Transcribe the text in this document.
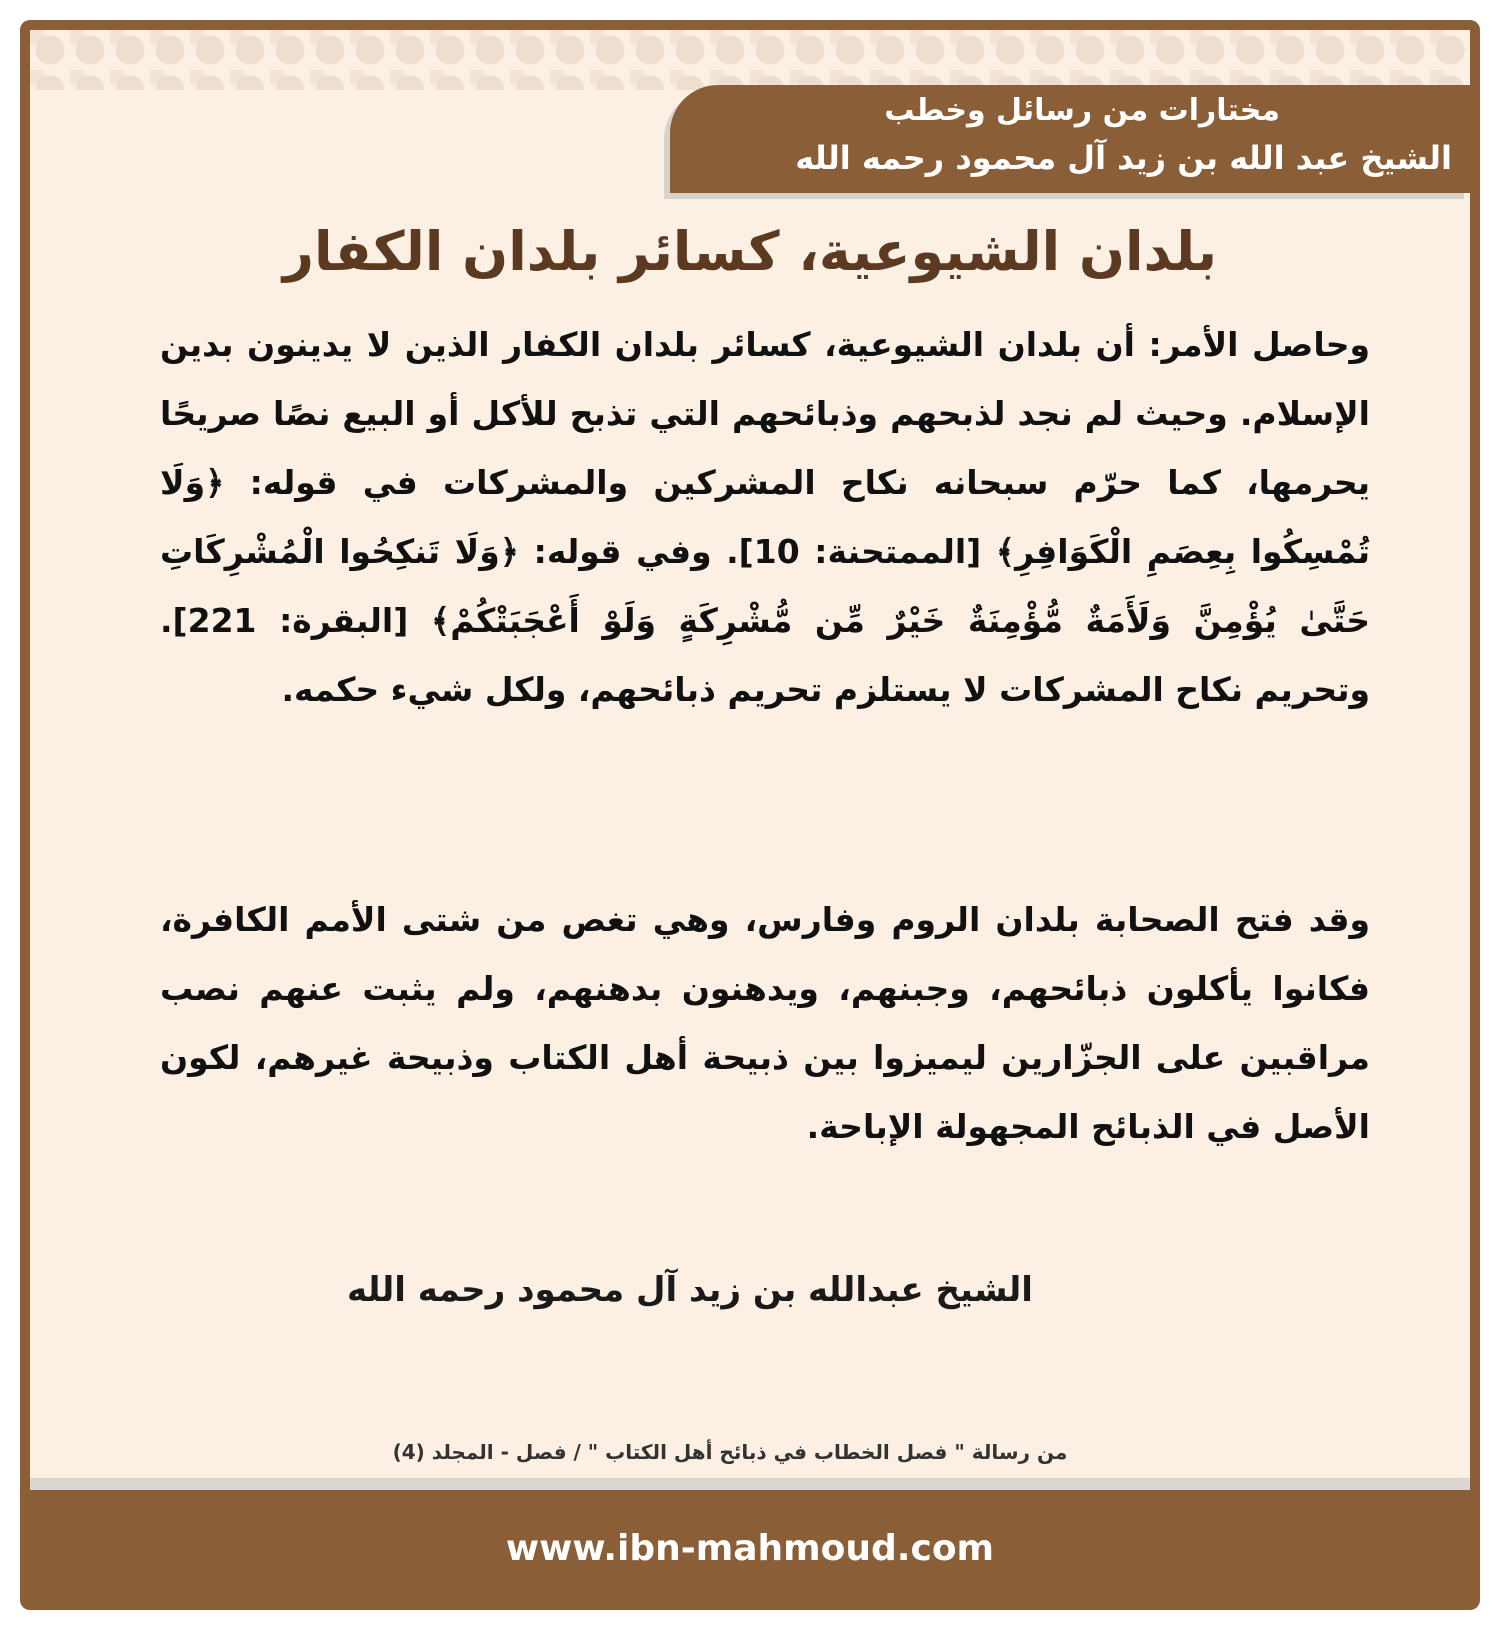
مختارات من رسائل وخطب
الشيخ عبد الله بن زيد آل محمود رحمه الله
بلدان الشيوعية، كسائر بلدان الكفار

وحاصل الأمر: أن بلدان الشيوعية، كسائر بلدان الكفار الذين لا يدينون بدين الإسلام. وحيث لم نجد لذبحهم وذبائحهم التي تذبح للأكل أو البيع نصًا صريحًا يحرمها، كما حرّم سبحانه نكاح المشركين والمشركات في قوله: ﴿وَلَا تُمْسِكُوا بِعِصَمِ الْكَوَافِرِ﴾ [الممتحنة: 10]. وفي قوله: ﴿وَلَا تَنكِحُوا الْمُشْرِكَاتِ حَتَّىٰ يُؤْمِنَّ وَلَأَمَةٌ مُّؤْمِنَةٌ خَيْرٌ مِّن مُّشْرِكَةٍ وَلَوْ أَعْجَبَتْكُمْ﴾ [البقرة: 221]. وتحريم نكاح المشركات لا يستلزم تحريم ذبائحهم، ولكل شيء حكمه.

وقد فتح الصحابة بلدان الروم وفارس، وهي تغص من شتى الأمم الكافرة، فكانوا يأكلون ذبائحهم، وجبنهم، ويدهنون بدهنهم، ولم يثبت عنهم نصب مراقبين على الجزّارين ليميزوا بين ذبيحة أهل الكتاب وذبيحة غيرهم، لكون الأصل في الذبائح المجهولة الإباحة.

الشيخ عبدالله بن زيد آل محمود رحمه الله
من رسالة " فصل الخطاب في ذبائح أهل الكتاب " / فصل - المجلد (4)
www.ibn-mahmoud.com
